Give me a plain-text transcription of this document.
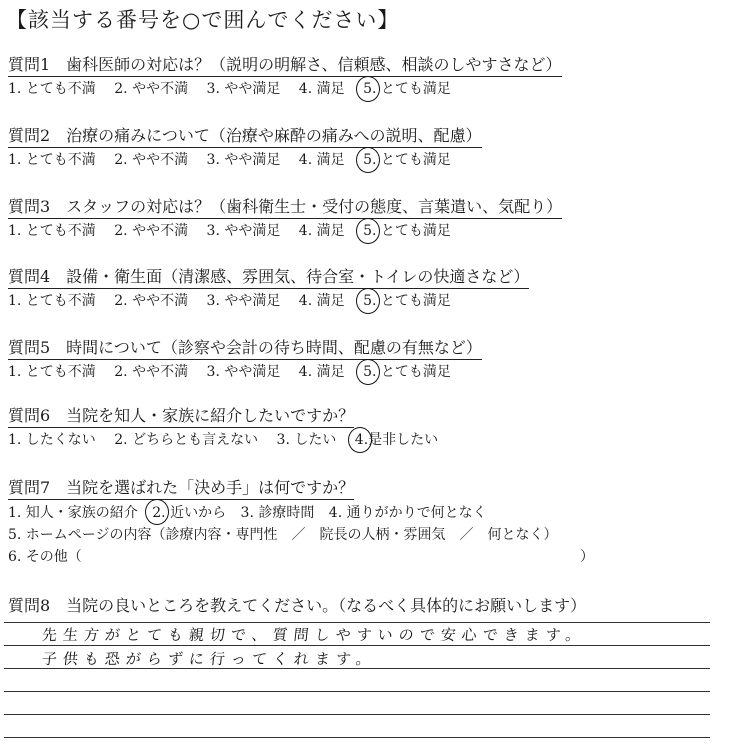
【該当する番号を○で囲んでください】
質問1　歯科医師の対応は？（説明の明解さ、信頼感、相談のしやすさなど）
1. とても不満 2. やや不満 3. やや満足 4. 満足 5. とても満足
質問2　治療の痛みについて（治療や麻酔の痛みへの説明、配慮）
1. とても不満 2. やや不満 3. やや満足 4. 満足 5. とても満足
質問3　スタッフの対応は？（歯科衛生士・受付の態度、言葉遣い、気配り）
1. とても不満 2. やや不満 3. やや満足 4. 満足 5. とても満足
質問4　設備・衛生面（清潔感、雰囲気、待合室・トイレの快適さなど）
1. とても不満 2. やや不満 3. やや満足 4. 満足 5. とても満足
質問5　時間について（診察や会計の待ち時間、配慮の有無など）
1. とても不満 2. やや不満 3. やや満足 4. 満足 5. とても満足
質問6　当院を知人・家族に紹介したいですか？
1. したくない 2. どちらとも言えない 3. したい 4.是非したい
質問7　当院を選ばれた「決め手」は何ですか？
1. 知人・家族の紹介 2. 近いから 3. 診療時間 4. 通りがかりで何となく
5. ホームページの内容（診療内容・専門性　／　院長の人柄・雰囲気　／　何となく）
6. その他（	）
質問8　当院の良いところを教えてください。（なるべく具体的にお願いします）
先生方がとても親切で、質問しやすいので安心できます。
子供も恐がらずに行ってくれます。
